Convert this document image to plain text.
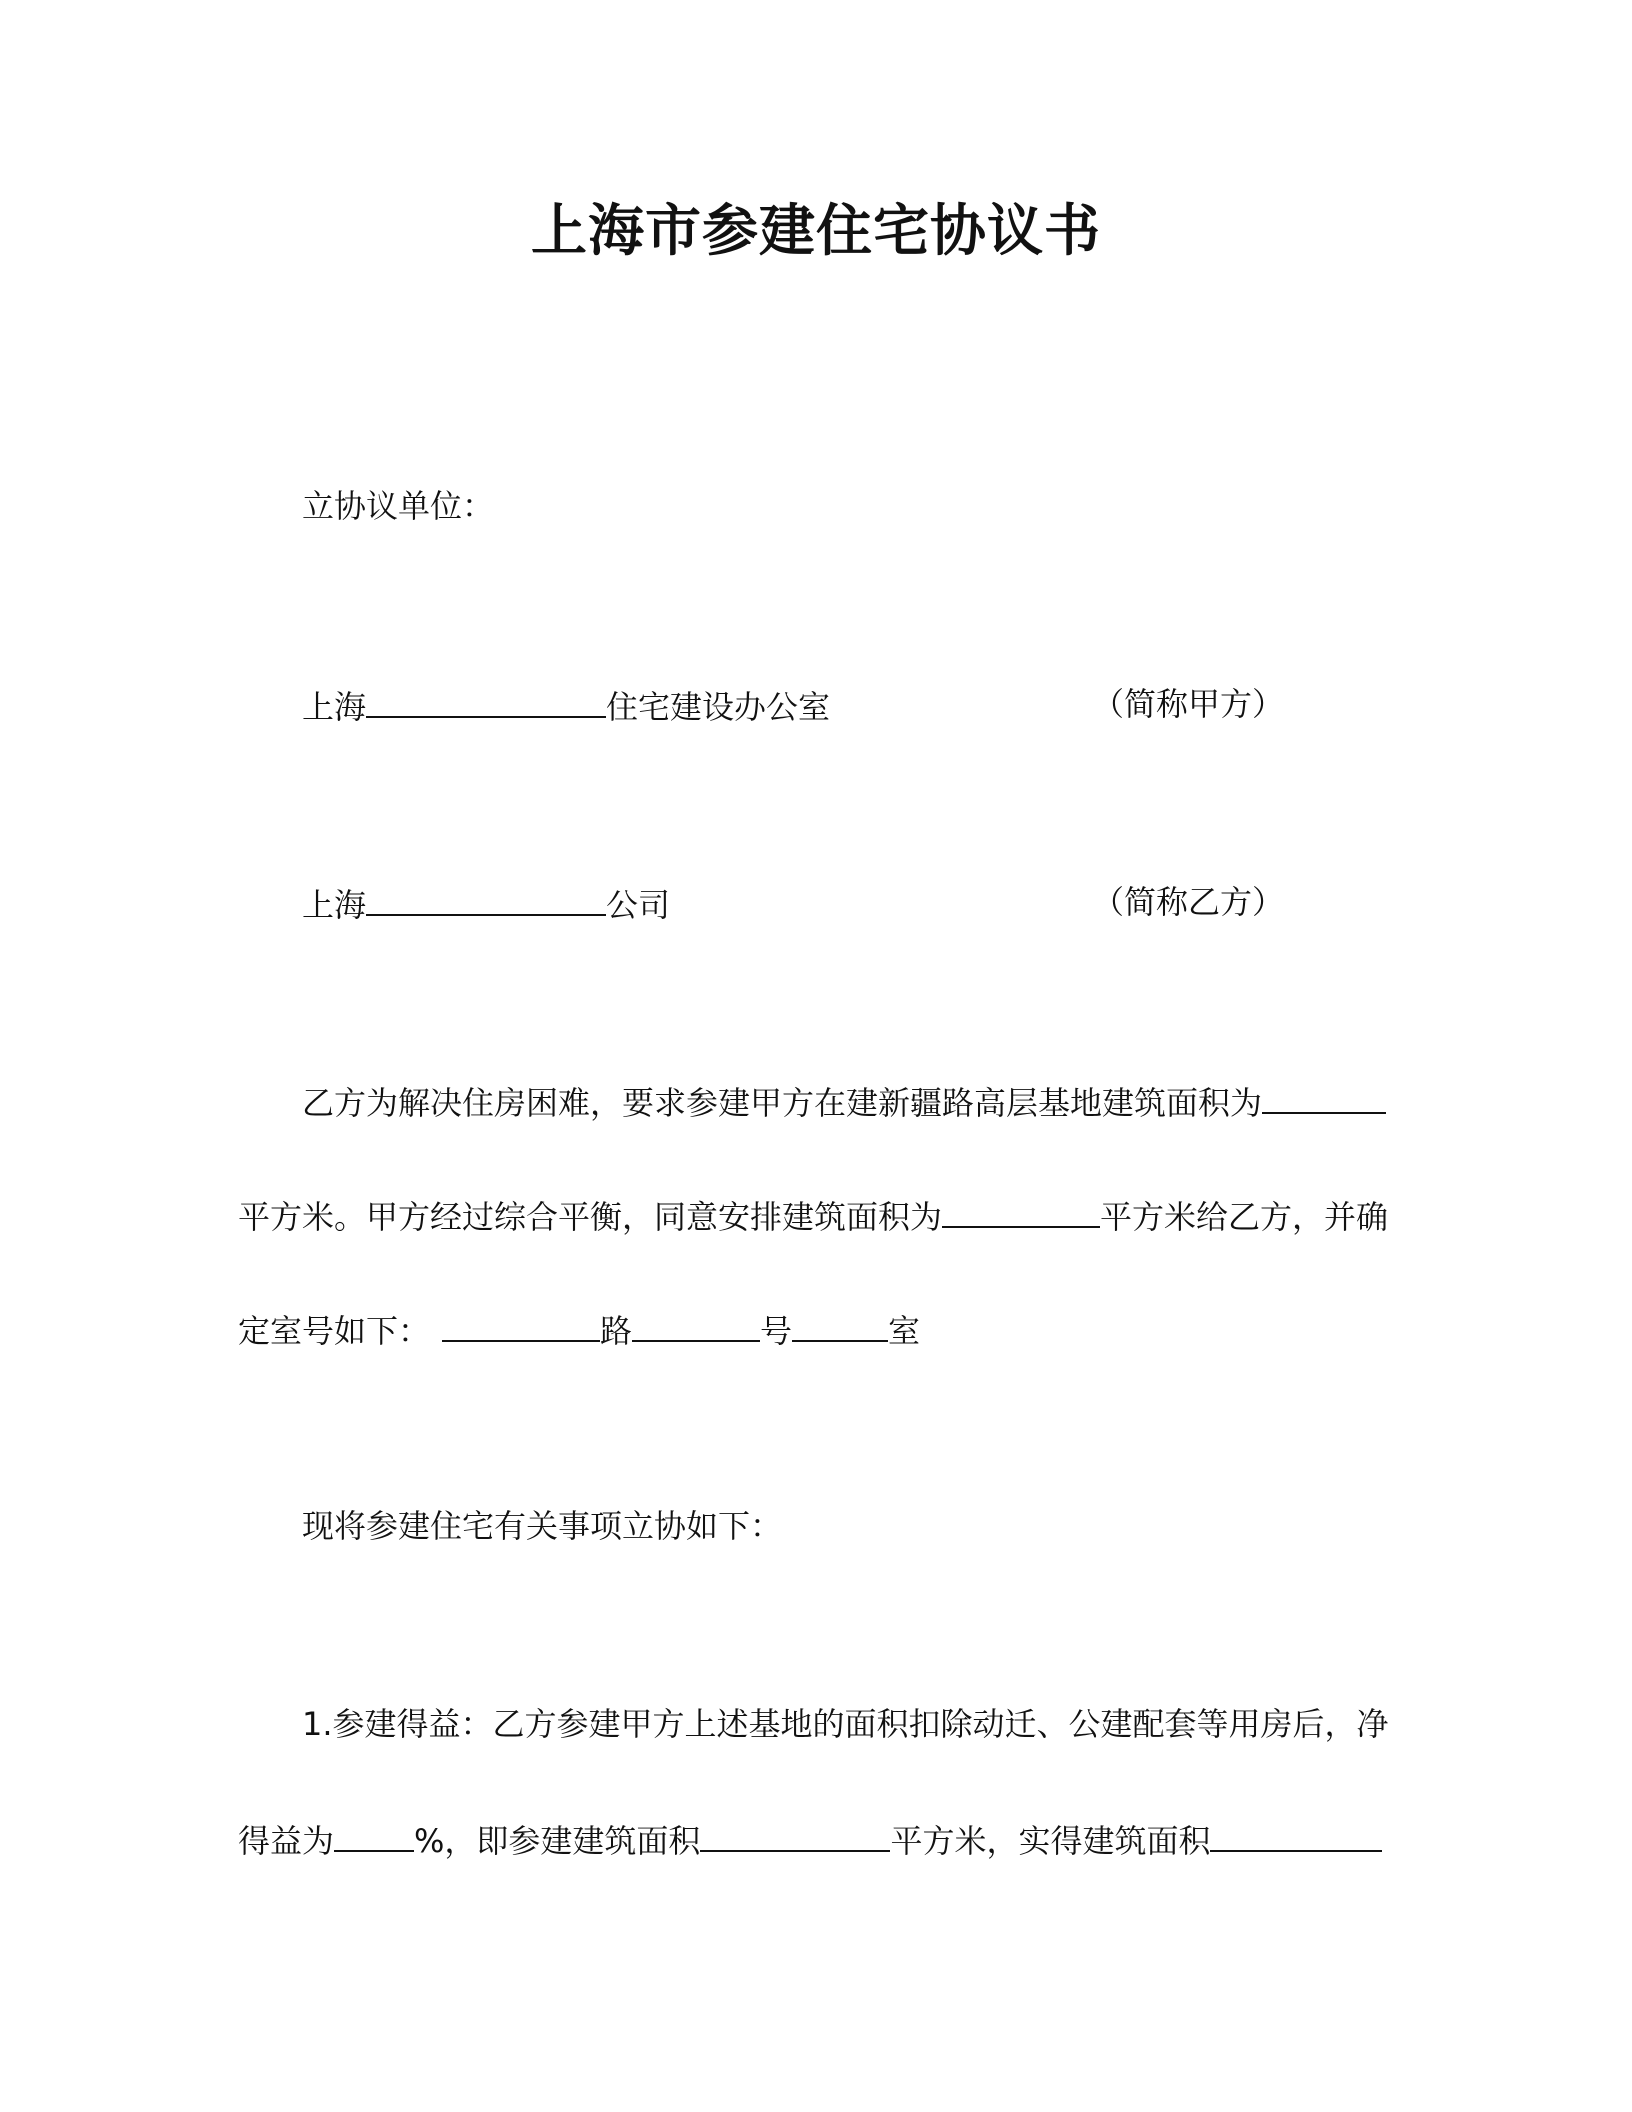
上海市参建住宅协议书
立协议单位：
上海	住宅建设办公室	（简称甲方）
上海	公司	（简称乙方）
乙方为解决住房困难，要求参建甲方在建新疆路高层基地建筑面积为
平方米。甲方经过综合平衡，同意安排建筑面积为	平方米给乙方，并确
定室号如下：	路	号	室
现将参建住宅有关事项立协如下：
1.参建得益：乙方参建甲方上述基地的面积扣除动迁、公建配套等用房后，净
得益为	%，即参建建筑面积	平方米，实得建筑面积
